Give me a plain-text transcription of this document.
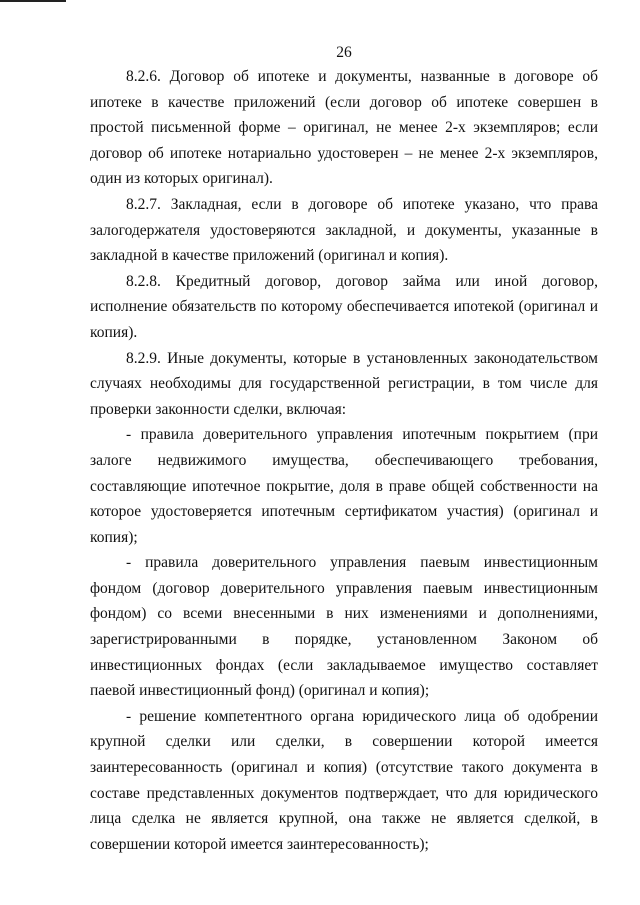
26

8.2.6. Договор об ипотеке и документы, названные в договоре об ипотеке в качестве приложений (если договор об ипотеке совершен в простой письменной форме – оригинал, не менее 2-х экземпляров; если договор об ипотеке нотариально удостоверен – не менее 2-х экземпляров, один из которых оригинал).

8.2.7. Закладная, если в договоре об ипотеке указано, что права залогодержателя удостоверяются закладной, и документы, указанные в закладной в качестве приложений (оригинал и копия).

8.2.8. Кредитный договор, договор займа или иной договор, исполнение обязательств по которому обеспечивается ипотекой (оригинал и копия).

8.2.9. Иные документы, которые в установленных законодательством случаях необходимы для государственной регистрации, в том числе для проверки законности сделки, включая:

- правила доверительного управления ипотечным покрытием (при залоге недвижимого имущества, обеспечивающего требования, составляющие ипотечное покрытие, доля в праве общей собственности на которое удостоверяется ипотечным сертификатом участия) (оригинал и копия);

- правила доверительного управления паевым инвестиционным фондом (договор доверительного управления паевым инвестиционным фондом) со всеми внесенными в них изменениями и дополнениями, зарегистрированными в порядке, установленном Законом об инвестиционных фондах (если закладываемое имущество составляет паевой инвестиционный фонд) (оригинал и копия);

- решение компетентного органа юридического лица об одобрении крупной сделки или сделки, в совершении которой имеется заинтересованность (оригинал и копия) (отсутствие такого документа в составе представленных документов подтверждает, что для юридического лица сделка не является крупной, она также не является сделкой, в совершении которой имеется заинтересованность);
